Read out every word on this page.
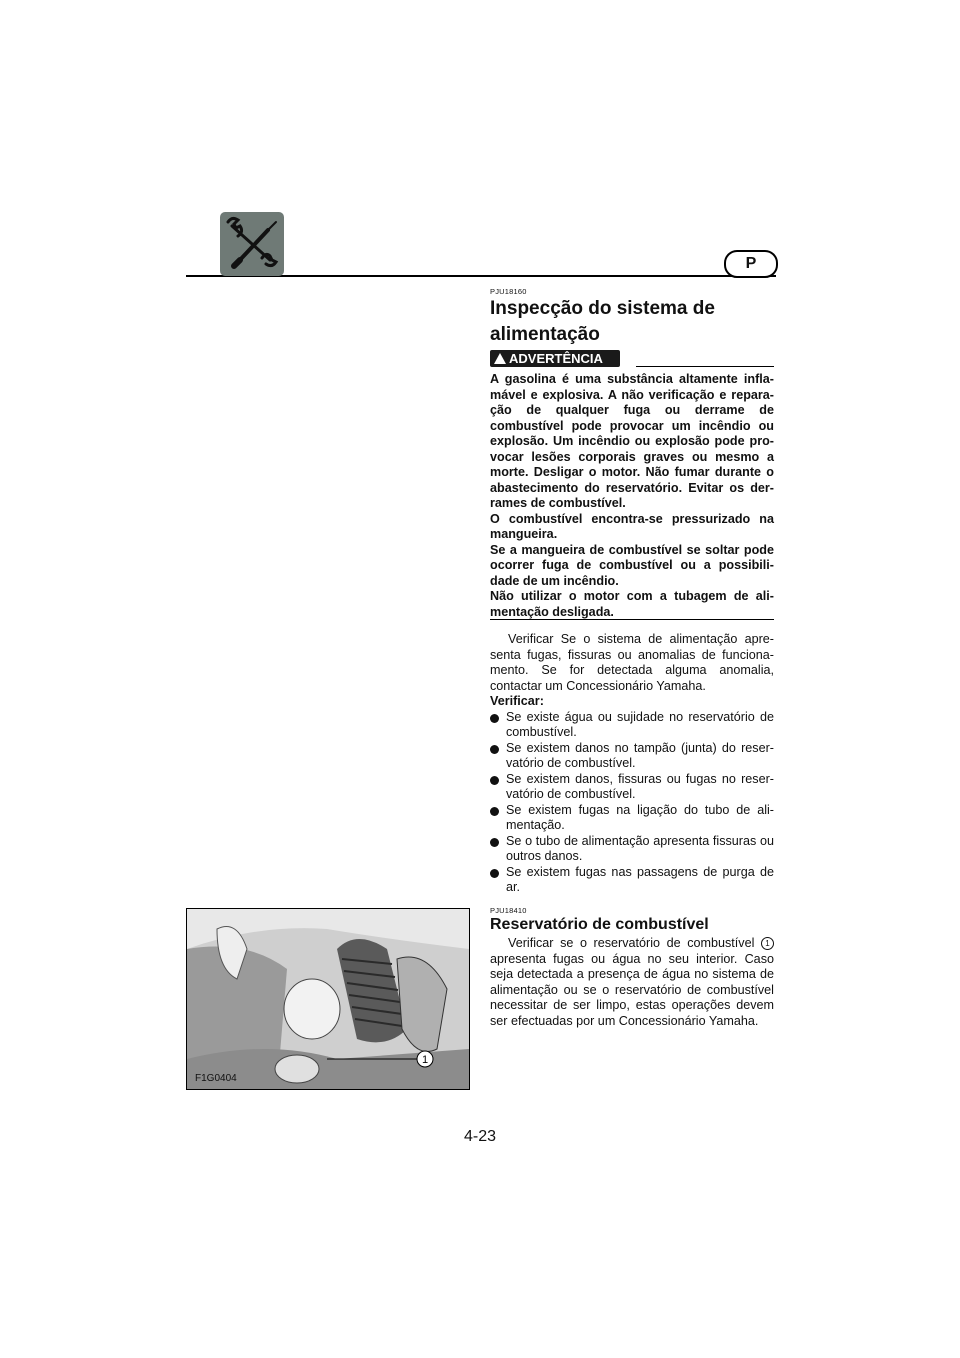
P
PJU18160
Inspecção do sistema de alimentação
ADVERTÊNCIA
A gasolina é uma substância altamente infla-mável e explosiva. A não verificação e repara-ção de qualquer fuga ou derrame de combustível pode provocar um incêndio ou explosão. Um incêndio ou explosão pode pro-vocar lesões corporais graves ou mesmo a morte. Desligar o motor. Não fumar durante o abastecimento do reservatório. Evitar os der-rames de combustível.
O combustível encontra-se pressurizado na mangueira.
Se a mangueira de combustível se soltar pode ocorrer fuga de combustível ou a possibili-dade de um incêndio.
Não utilizar o motor com a tubagem de ali-mentação desligada.
Verificar Se o sistema de alimentação apre-senta fugas, fissuras ou anomalias de funciona-mento. Se for detectada alguma anomalia, contactar um Concessionário Yamaha.
Verificar:
Se existe água ou sujidade no reservatório de combustível.
Se existem danos no tampão (junta) do reser-vatório de combustível.
Se existem danos, fissuras ou fugas no reser-vatório de combustível.
Se existem fugas na ligação do tubo de ali-mentação.
Se o tubo de alimentação apresenta fissuras ou outros danos.
Se existem fugas nas passagens de purga de ar.
PJU18410
Reservatório de combustível
Verificar se o reservatório de combustível 1 apresenta fugas ou água no seu interior. Caso seja detectada a presença de água no sistema de alimentação ou se o reservatório de combustível necessitar de ser limpo, estas operações devem ser efectuadas por um Concessionário Yamaha.
1
F1G0404
4-23
